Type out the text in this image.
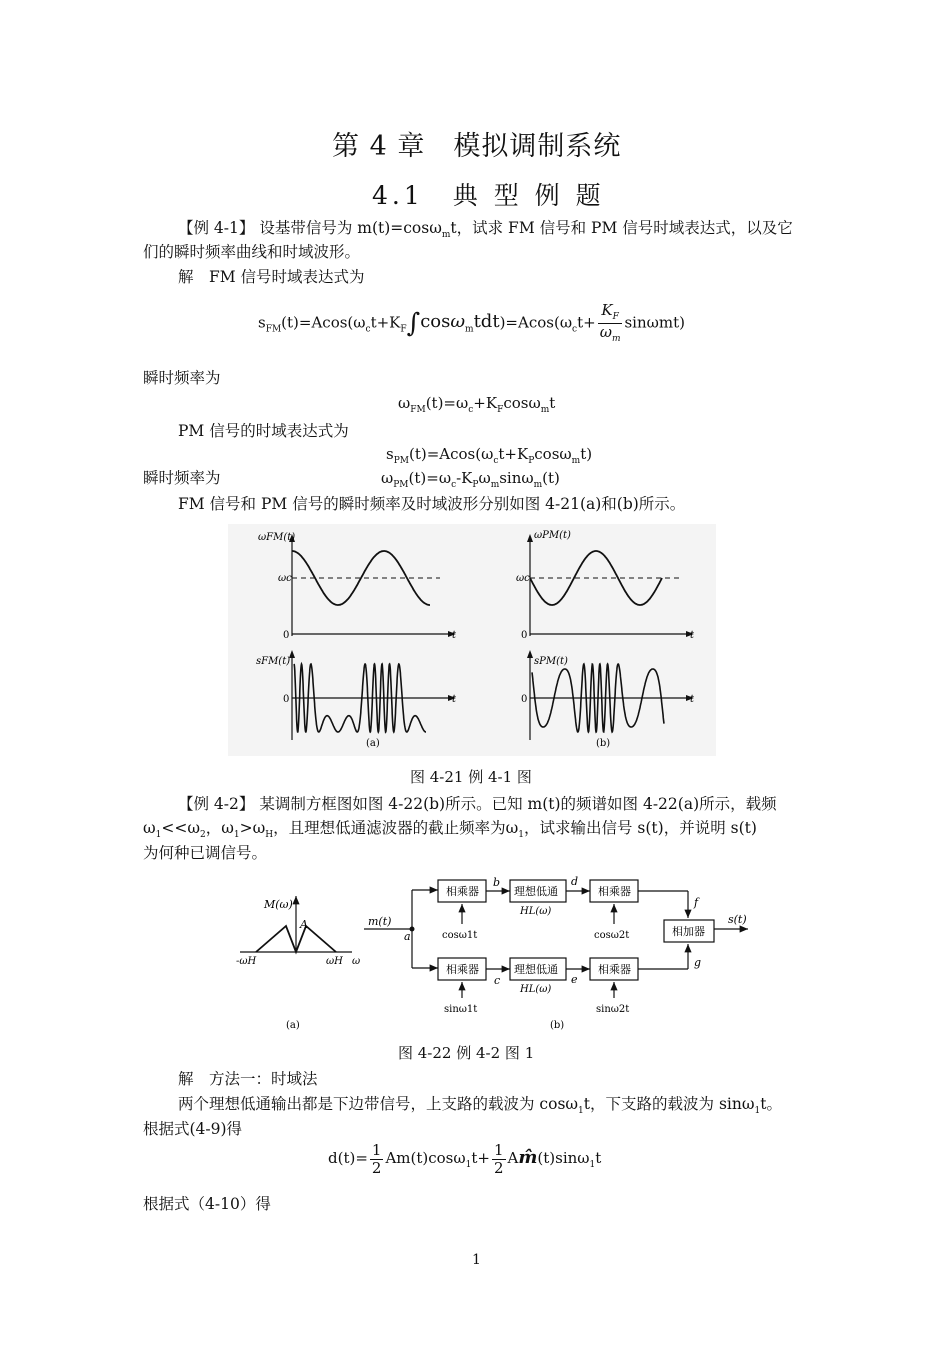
第 4 章　模拟调制系统
4.1　典 型 例 题
【例 4-1】 设基带信号为 m(t)=cosω$_m$t，试求 FM 信号和 PM 信号时域表达式，以及它
们的瞬时频率曲线和时域波形。
解　FM 信号时域表达式为
$s_{FM}(t)=Acos(\omega_ct+K_F\int\cos\omega_mtdt)=Acos(\omega_ct+ \frac{K_F}{\omega_m} \sin\omega mt)$
瞬时频率为
$\omega_{FM}(t)=\omega_c+K_F\cos\omega_mt$
PM 信号的时域表达式为
$s_{PM}(t)=Acos(\omega_ct+K_P\cos\omega_mt)$
瞬时频率为	$\omega_{PM}(t)=\omega_c-K_P\omega_m\sin\omega_m(t)$
FM 信号和 PM 信号的瞬时频率及时域波形分别如图 4-21(a)和(b)所示。
ωFM(t)
ωc
0	t
sFM(t)
0	t
(a)
ωPM(t)
ωc
0	t
sPM(t)
0	t
(b)
图 4-21 例 4-1 图
【例 4-2】 某调制方框图如图 4-22(b)所示。已知 m(t)的频谱如图 4-22(a)所示，载频
$\omega_1<<\omega_2$，$\omega_1>\omega_H$，且理想低通滤波器的截止频率为$\omega_1$，试求输出信号 s(t)，并说明 s(t)
为何种已调信号。
M(ω)
A
-ωH	ωH ω
(a)
m(t)
a
相乘器
b
理想低通
HL(ω)
d
相乘器
f
cosω1t	cosω2t	相加器
s(t)
相乘器
c
理想低通
HL(ω)
e
相乘器
g
sinω1t	sinω2t
(b)
图 4-22 例 4-2 图 1
解　方法一：时域法
两个理想低通输出都是下边带信号，上支路的载波为 cosω$_1$t，下支路的载波为 sinω$_1$t。
根据式(4-9)得
$d(t)= \frac{1}{2} Am(t)\cos\omega_1t+ \frac{1}{2}$ Am̂(t)sinω$_1$t
根据式（4-10）得
1
